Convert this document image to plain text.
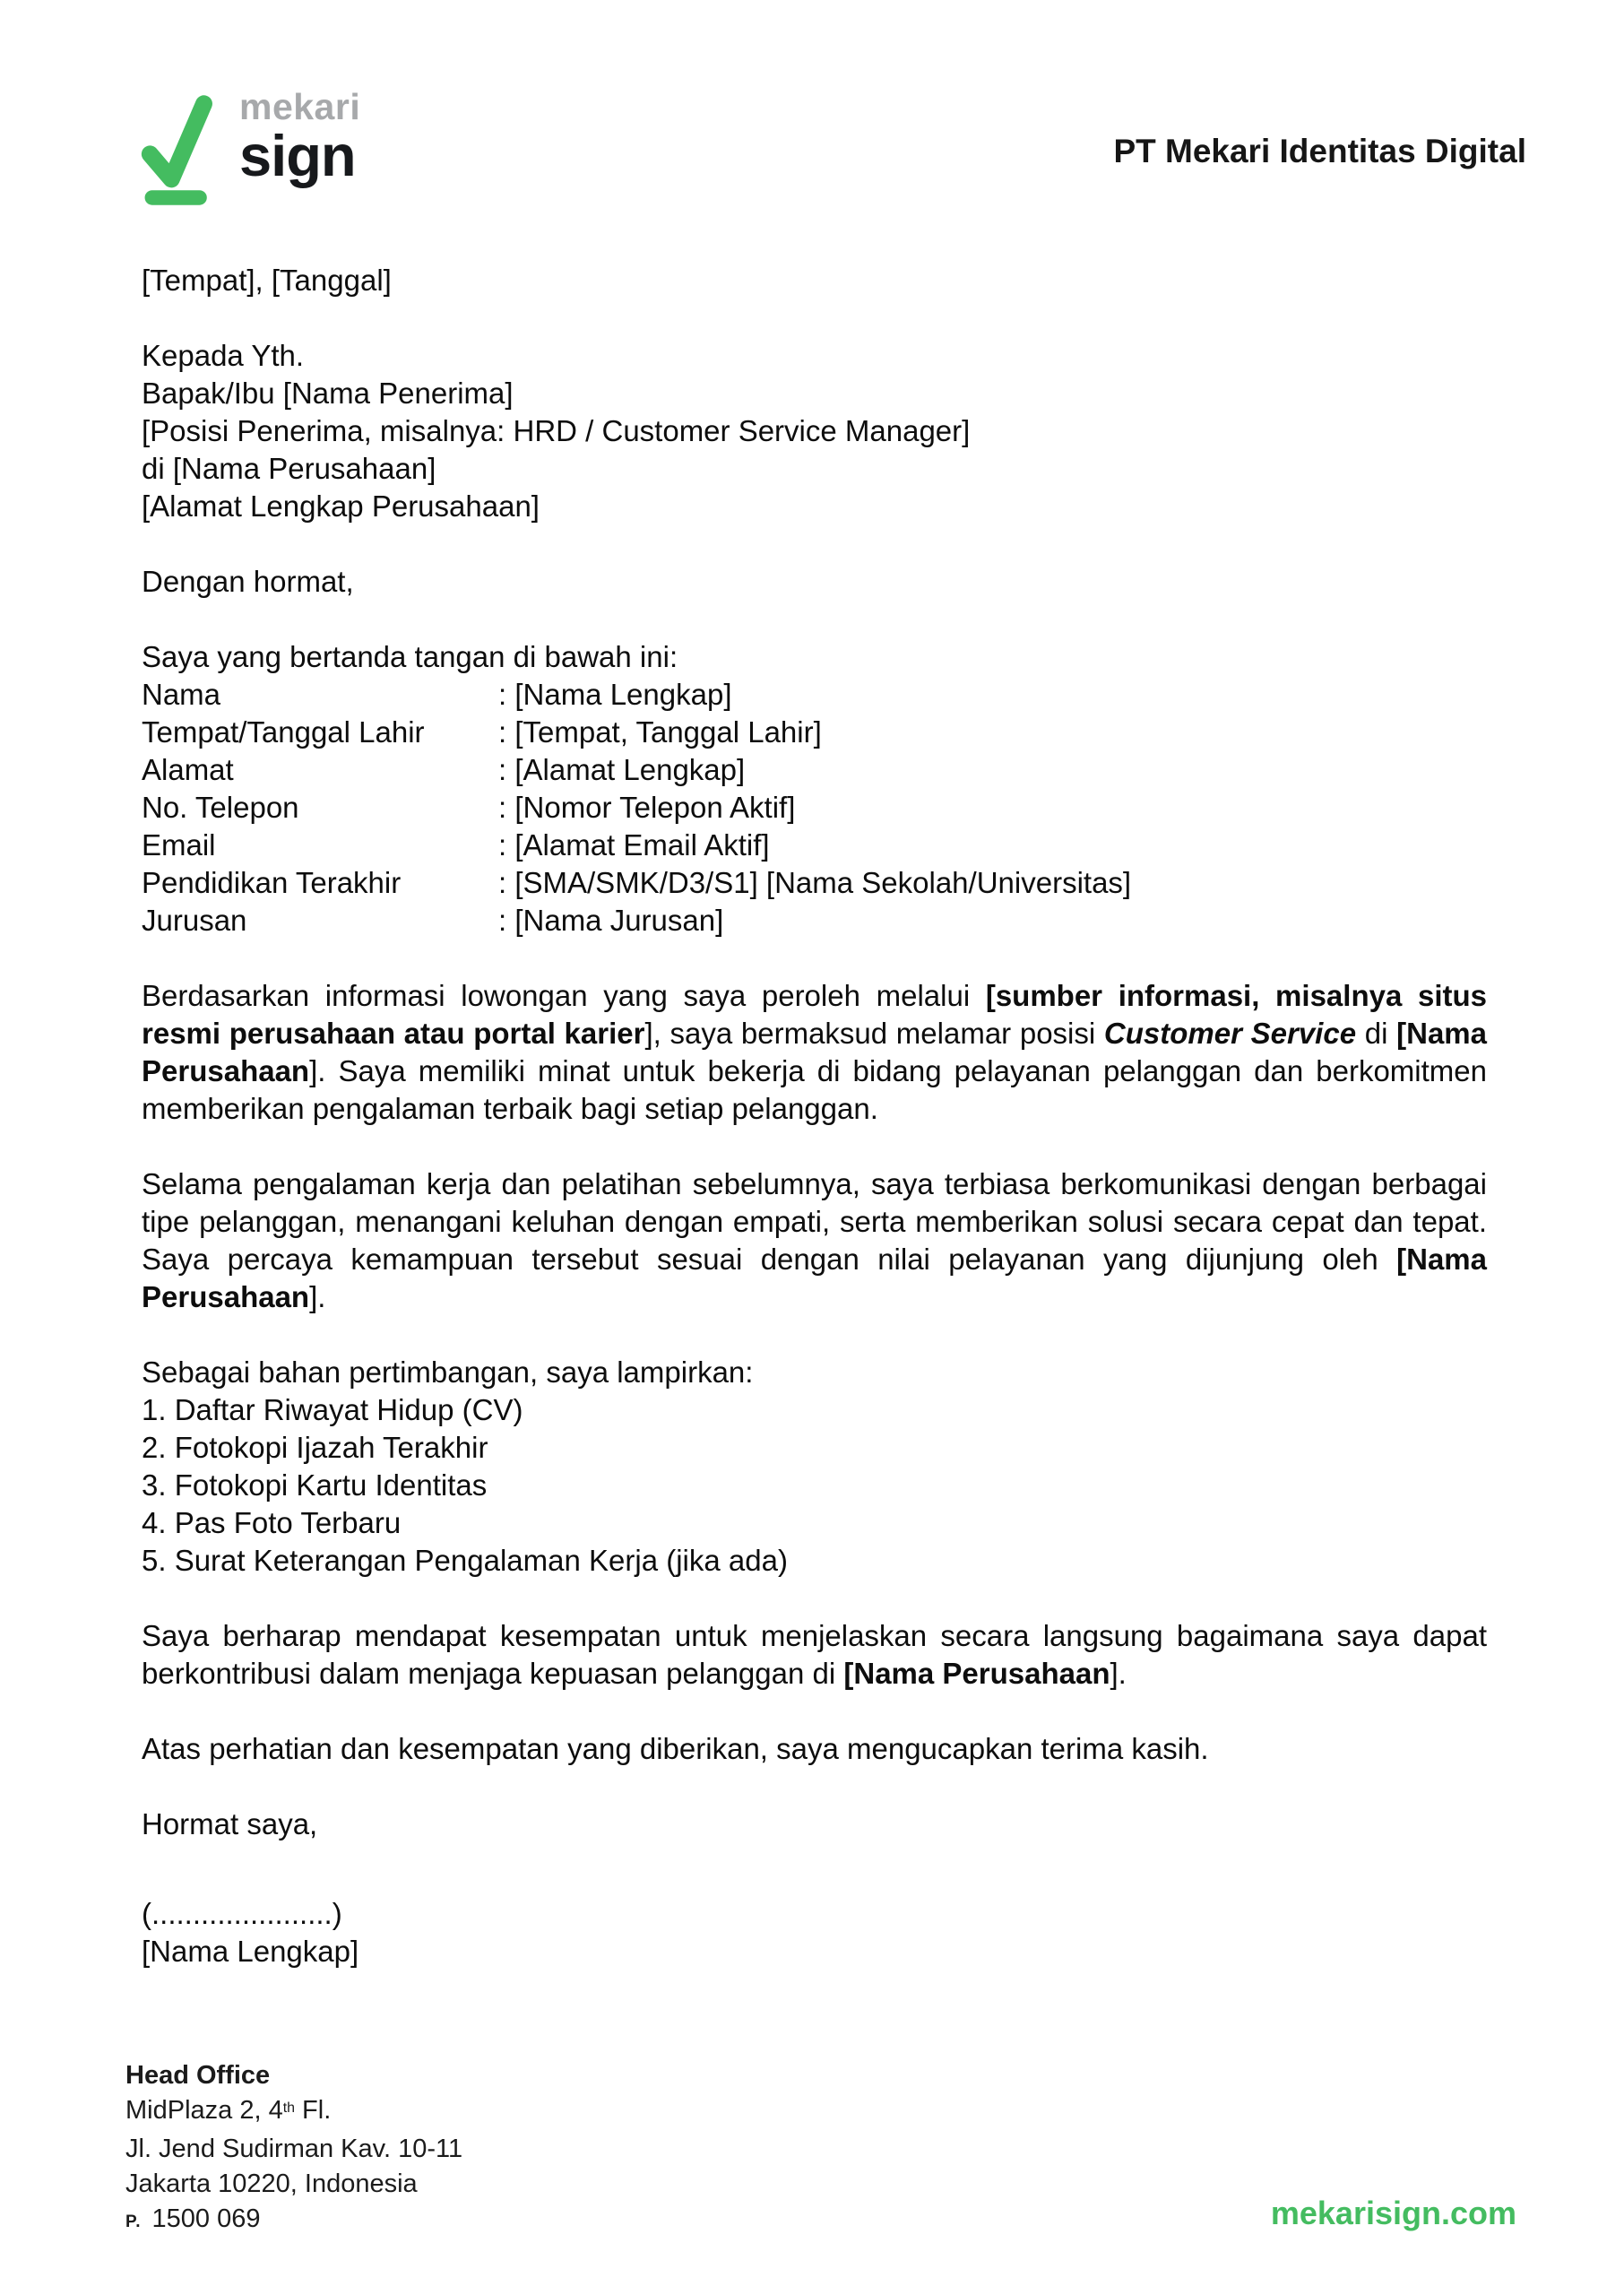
mekari
sign	PT Mekari Identitas Digital
[Tempat], [Tanggal]
Kepada Yth.
Bapak/Ibu [Nama Penerima]
[Posisi Penerima, misalnya: HRD / Customer Service Manager]
di [Nama Perusahaan]
[Alamat Lengkap Perusahaan]
Dengan hormat,
Saya yang bertanda tangan di bawah ini:
Nama	: [Nama Lengkap]
Tempat/Tanggal Lahir	: [Tempat, Tanggal Lahir]
Alamat	: [Alamat Lengkap]
No. Telepon	: [Nomor Telepon Aktif]
Email	: [Alamat Email Aktif]
Pendidikan Terakhir	: [SMA/SMK/D3/S1] [Nama Sekolah/Universitas]
Jurusan	: [Nama Jurusan]
Berdasarkan informasi lowongan yang saya peroleh melalui [sumber informasi, misalnya situs resmi perusahaan atau portal karier], saya bermaksud melamar posisi Customer Service di [Nama Perusahaan]. Saya memiliki minat untuk bekerja di bidang pelayanan pelanggan dan berkomitmen memberikan pengalaman terbaik bagi setiap pelanggan.
Selama pengalaman kerja dan pelatihan sebelumnya, saya terbiasa berkomunikasi dengan berbagai tipe pelanggan, menangani keluhan dengan empati, serta memberikan solusi secara cepat dan tepat. Saya percaya kemampuan tersebut sesuai dengan nilai pelayanan yang dijunjung oleh [Nama Perusahaan].
Sebagai bahan pertimbangan, saya lampirkan:
1. Daftar Riwayat Hidup (CV)
2. Fotokopi Ijazah Terakhir
3. Fotokopi Kartu Identitas
4. Pas Foto Terbaru
5. Surat Keterangan Pengalaman Kerja (jika ada)
Saya berharap mendapat kesempatan untuk menjelaskan secara langsung bagaimana saya dapat berkontribusi dalam menjaga kepuasan pelanggan di [Nama Perusahaan].
Atas perhatian dan kesempatan yang diberikan, saya mengucapkan terima kasih.
Hormat saya,
(......................)
[Nama Lengkap]
Head Office
MidPlaza 2, 4th Fl.
Jl. Jend Sudirman Kav. 10-11
Jakarta 10220, Indonesia
P. 1500 069	mekarisign.com
